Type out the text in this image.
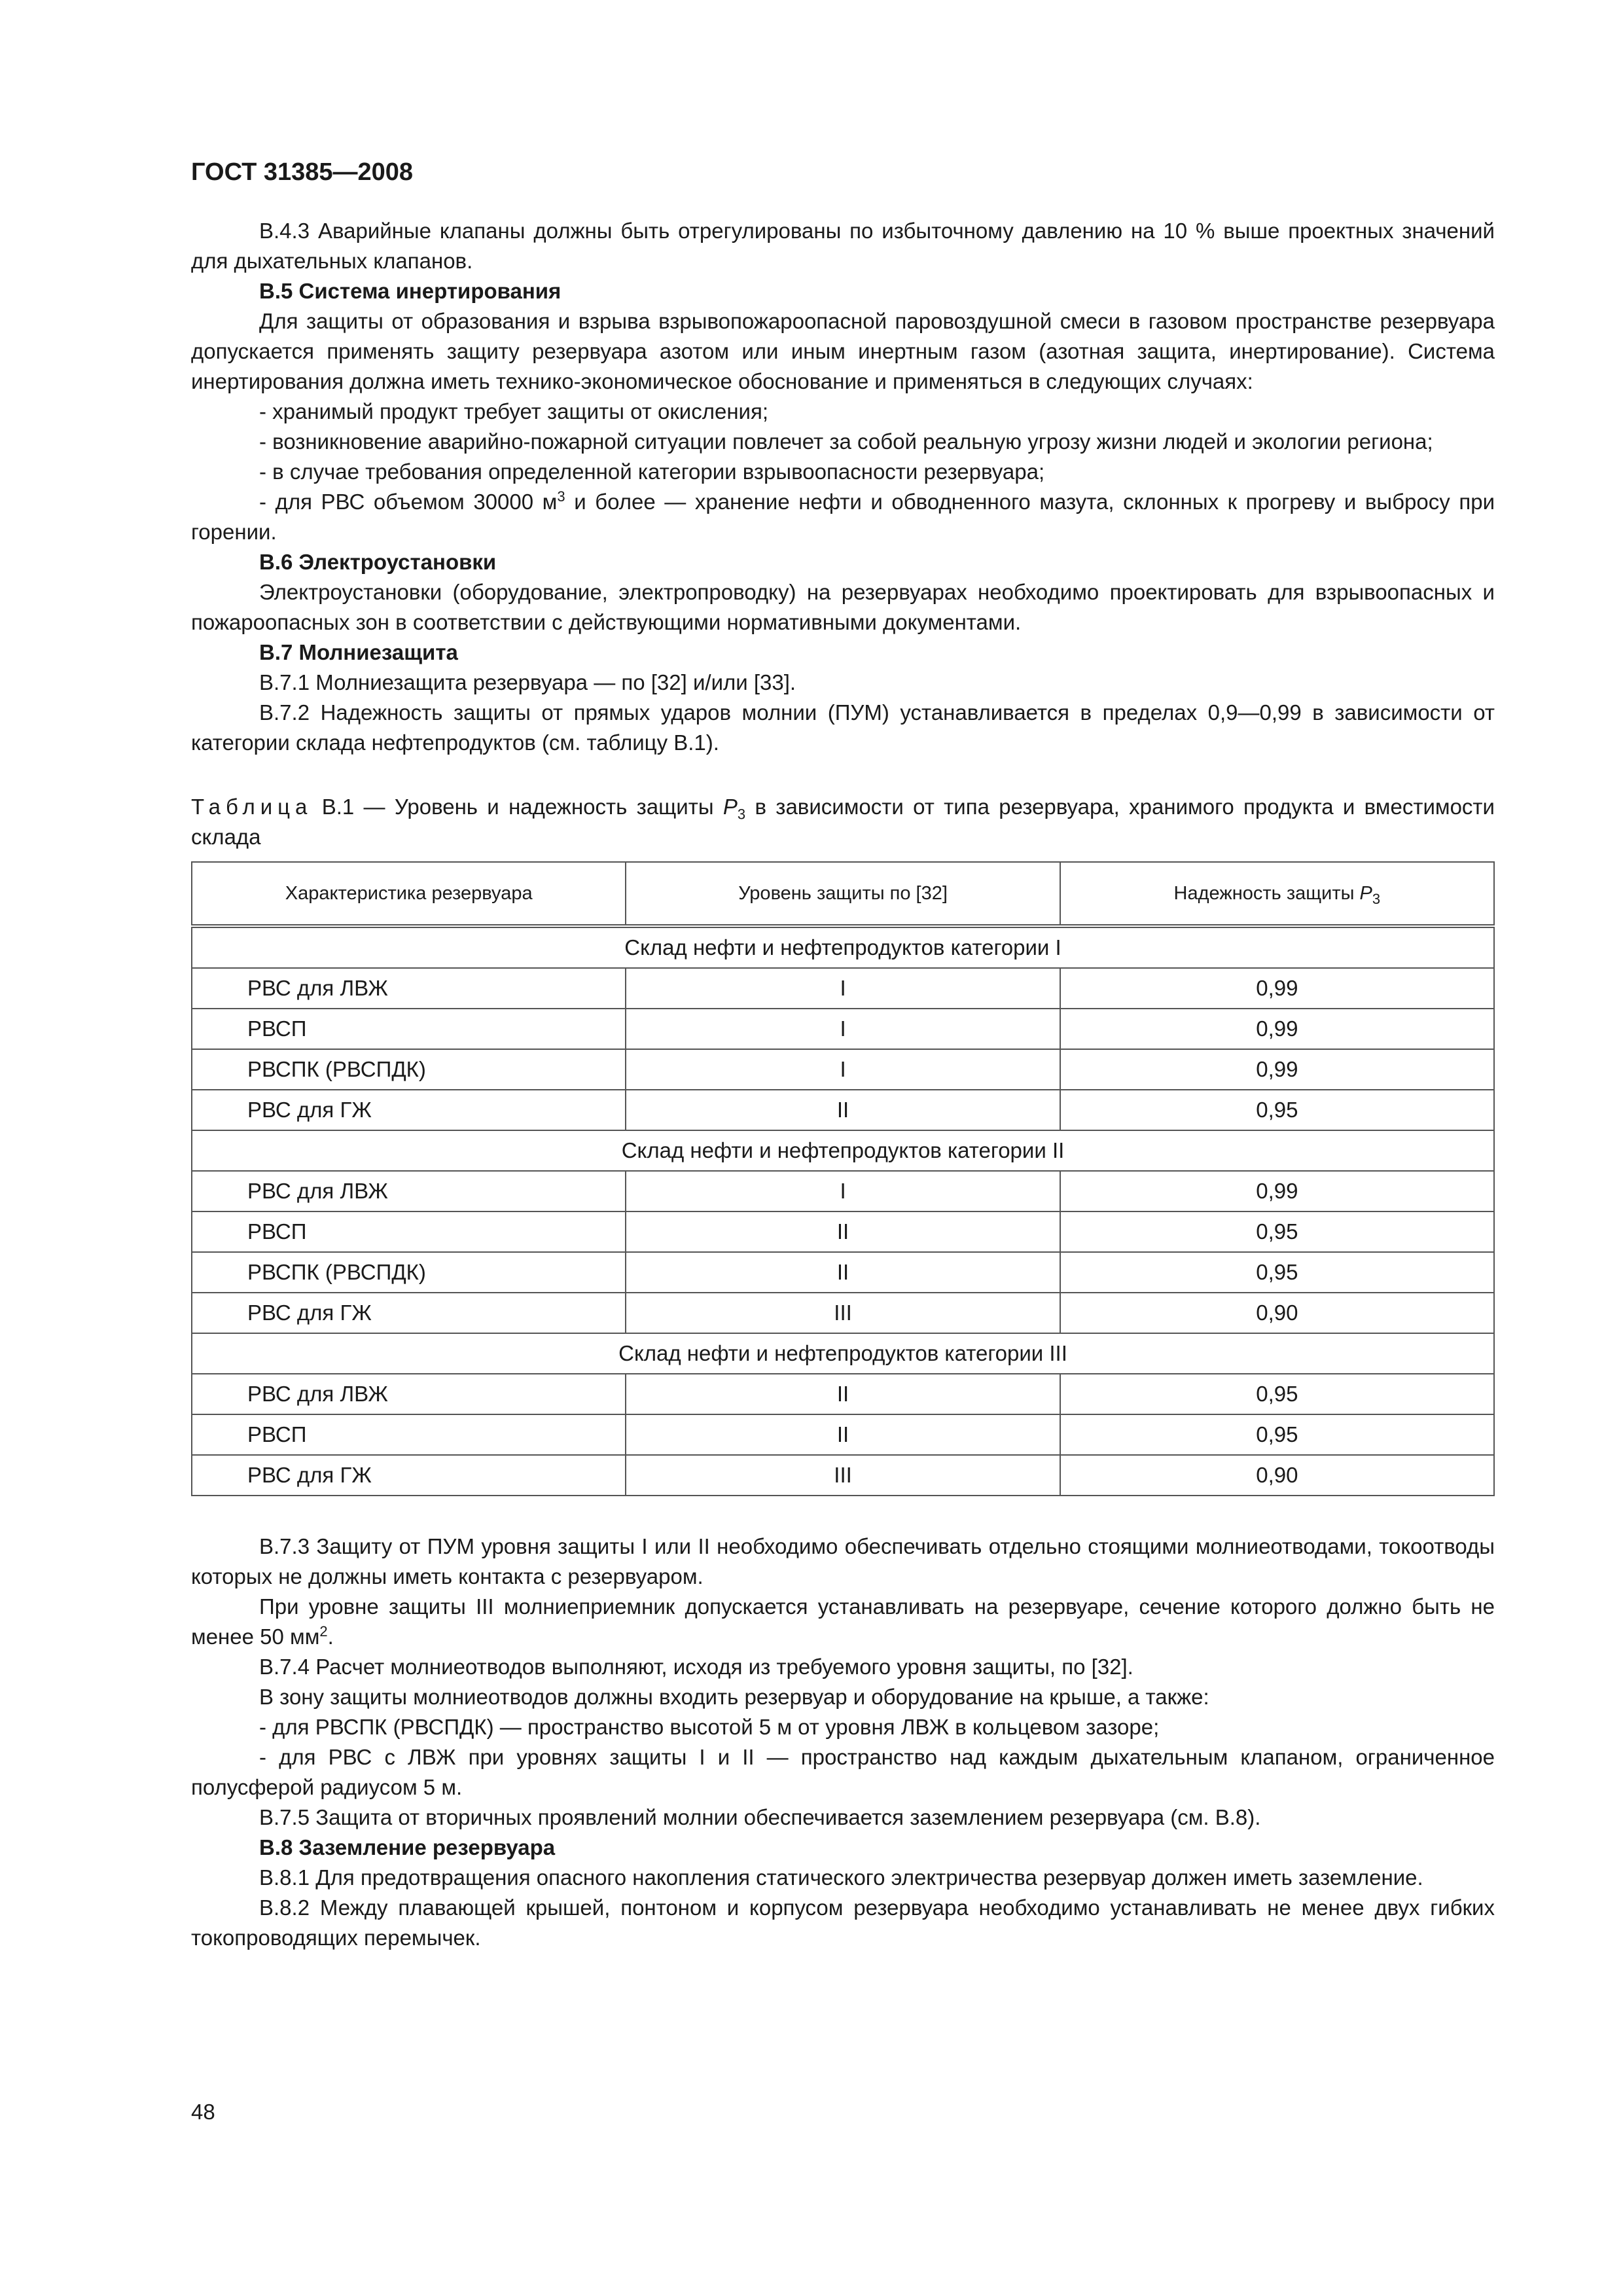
ГОСТ 31385—2008

В.4.3 Аварийные клапаны должны быть отрегулированы по избыточному давлению на 10 % выше проектных значений для дыхательных клапанов.

В.5 Система инертирования

Для защиты от образования и взрыва взрывопожароопасной паровоздушной смеси в газовом пространстве резервуара допускается применять защиту резервуара азотом или иным инертным газом (азотная защита, инертирование). Система инертирования должна иметь технико-экономическое обоснование и применяться в следующих случаях:

- хранимый продукт требует защиты от окисления;

- возникновение аварийно-пожарной ситуации повлечет за собой реальную угрозу жизни людей и экологии региона;

- в случае требования определенной категории взрывоопасности резервуара;

- для РВС объемом 30000 $м^3$ и более — хранение нефти и обводненного мазута, склонных к прогреву и выбросу при горении.

В.6 Электроустановки

Электроустановки (оборудование, электропроводку) на резервуарах необходимо проектировать для взрывоопасных и пожароопасных зон в соответствии с действующими нормативными документами.

В.7 Молниезащита

В.7.1 Молниезащита резервуара — по [32] и/или [33].

В.7.2 Надежность защиты от прямых ударов молнии (ПУМ) устанавливается в пределах 0,9—0,99 в зависимости от категории склада нефтепродуктов (см. таблицу В.1).

Таблица В.1 — Уровень и надежность защиты $P_3$ в зависимости от типа резервуара, хранимого продукта и вместимости склада

Характеристика резервуара	Уровень защиты по [32]	Надежность защиты $P_3$
Склад нефти и нефтепродуктов категории I		
РВС для ЛВЖ	I	0,99
РВСП	I	0,99
РВСПК (РВСПДК)	I	0,99
РВС для ГЖ	II	0,95
Склад нефти и нефтепродуктов категории II		
РВС для ЛВЖ	I	0,99
РВСП	II	0,95
РВСПК (РВСПДК)	II	0,95
РВС для ГЖ	III	0,90
Склад нефти и нефтепродуктов категории III		
РВС для ЛВЖ	II	0,95
РВСП	II	0,95
РВС для ГЖ	III	0,90

В.7.3 Защиту от ПУМ уровня защиты I или II необходимо обеспечивать отдельно стоящими молниеотводами, токоотводы которых не должны иметь контакта с резервуаром.

При уровне защиты III молниеприемник допускается устанавливать на резервуаре, сечение которого должно быть не менее 50 $мм^2$.

В.7.4 Расчет молниеотводов выполняют, исходя из требуемого уровня защиты, по [32].

В зону защиты молниеотводов должны входить резервуар и оборудование на крыше, а также:

- для РВСПК (РВСПДК) — пространство высотой 5 м от уровня ЛВЖ в кольцевом зазоре;

- для РВС с ЛВЖ при уровнях защиты I и II — пространство над каждым дыхательным клапаном, ограниченное полусферой радиусом 5 м.

В.7.5 Защита от вторичных проявлений молнии обеспечивается заземлением резервуара (см. В.8).

В.8 Заземление резервуара

В.8.1 Для предотвращения опасного накопления статического электричества резервуар должен иметь заземление.

В.8.2 Между плавающей крышей, понтоном и корпусом резервуара необходимо устанавливать не менее двух гибких токопроводящих перемычек.

48
